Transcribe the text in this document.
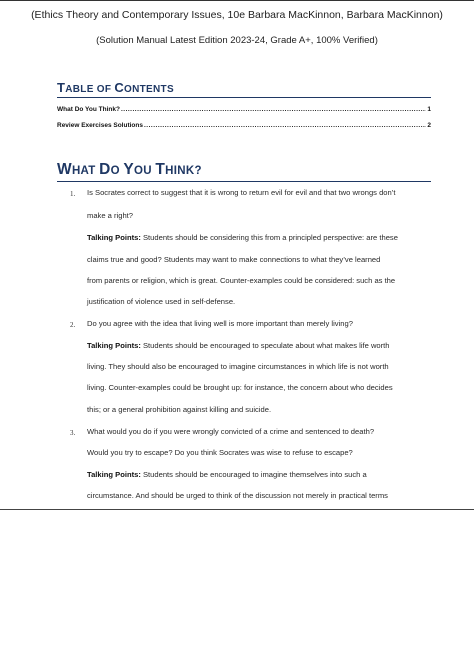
(Ethics Theory and Contemporary Issues, 10e Barbara MacKinnon, Barbara MacKinnon)
(Solution Manual Latest Edition 2023-24, Grade A+, 100% Verified)
TABLE OF CONTENTS
What Do You Think? .....	1
Review Exercises Solutions .....	2
WHAT DO YOU THINK?
1. Is Socrates correct to suggest that it is wrong to return evil for evil and that two wrongs don’t
make a right?
Talking Points: Students should be considering this from a principled perspective: are these
claims true and good? Students may want to make connections to what they’ve learned
from parents or religion, which is great. Counter-examples could be considered: such as the
justification of violence used in self-defense.
2. Do you agree with the idea that living well is more important than merely living?
Talking Points: Students should be encouraged to speculate about what makes life worth
living. They should also be encouraged to imagine circumstances in which life is not worth
living. Counter-examples could be brought up: for instance, the concern about who decides
this; or a general prohibition against killing and suicide.
3. What would you do if you were wrongly convicted of a crime and sentenced to death?
Would you try to escape? Do you think Socrates was wise to refuse to escape?
Talking Points: Students should be encouraged to imagine themselves into such a
circumstance. And should be urged to think of the discussion not merely in practical terms
